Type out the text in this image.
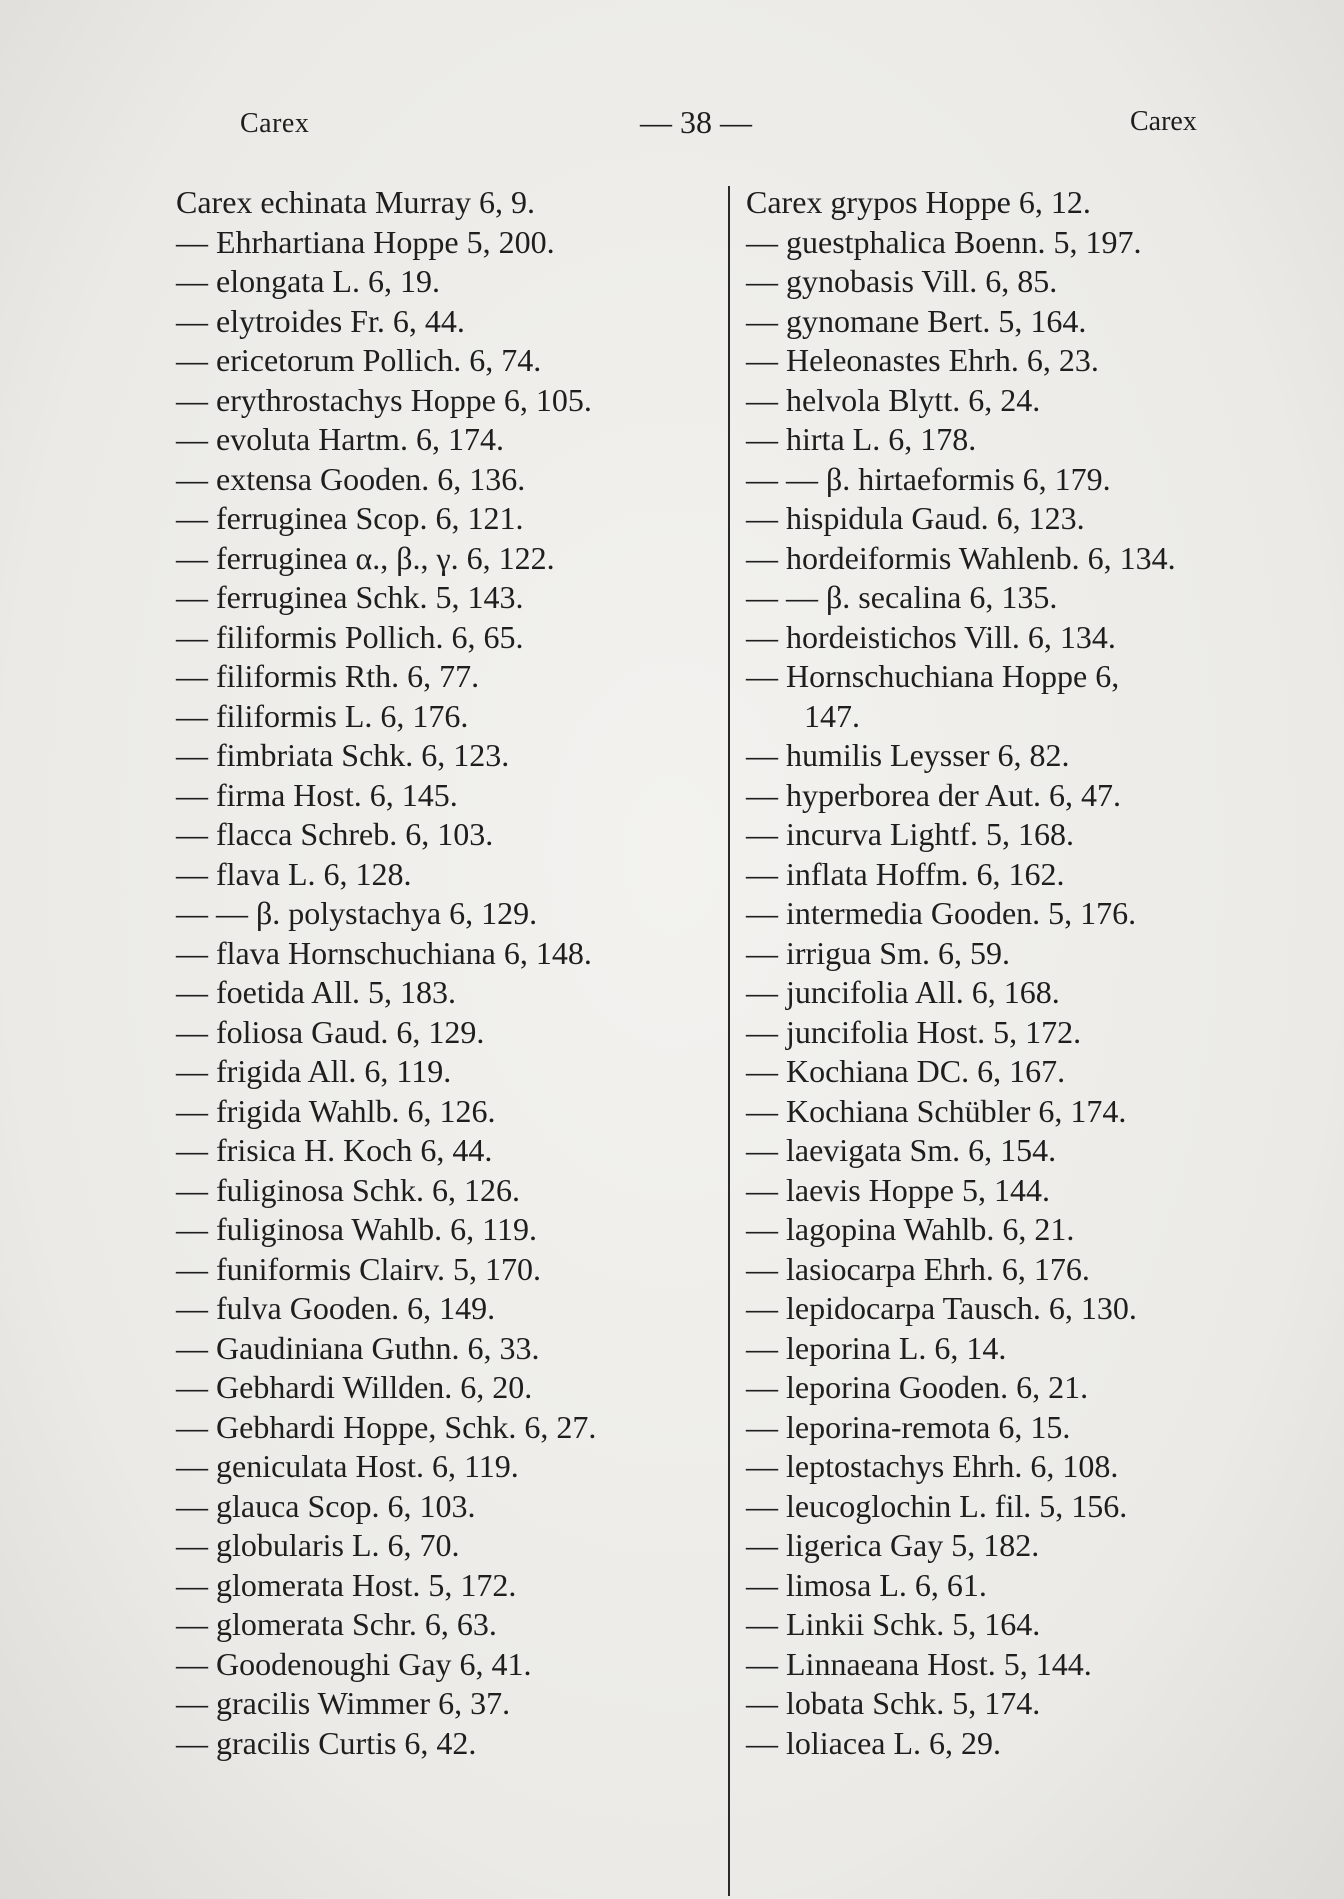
Carex	— 38 —	Carex
Carex echinata Murray 6, 9.
— Ehrhartiana Hoppe 5, 200.
— elongata L. 6, 19.
— elytroides Fr. 6, 44.
— ericetorum Pollich. 6, 74.
— erythrostachys Hoppe 6, 105.
— evoluta Hartm. 6, 174.
— extensa Gooden. 6, 136.
— ferruginea Scop. 6, 121.
— ferruginea α., β., γ. 6, 122.
— ferruginea Schk. 5, 143.
— filiformis Pollich. 6, 65.
— filiformis Rth. 6, 77.
— filiformis L. 6, 176.
— fimbriata Schk. 6, 123.
— firma Host. 6, 145.
— flacca Schreb. 6, 103.
— flava L. 6, 128.
— — β. polystachya 6, 129.
— flava Hornschuchiana 6, 148.
— foetida All. 5, 183.
— foliosa Gaud. 6, 129.
— frigida All. 6, 119.
— frigida Wahlb. 6, 126.
— frisica H. Koch 6, 44.
— fuliginosa Schk. 6, 126.
— fuliginosa Wahlb. 6, 119.
— funiformis Clairv. 5, 170.
— fulva Gooden. 6, 149.
— Gaudiniana Guthn. 6, 33.
— Gebhardi Willden. 6, 20.
— Gebhardi Hoppe, Schk. 6, 27.
— geniculata Host. 6, 119.
— glauca Scop. 6, 103.
— globularis L. 6, 70.
— glomerata Host. 5, 172.
— glomerata Schr. 6, 63.
— Goodenoughi Gay 6, 41.
— gracilis Wimmer 6, 37.
— gracilis Curtis 6, 42.
Carex grypos Hoppe 6, 12.
— guestphalica Boenn. 5, 197.
— gynobasis Vill. 6, 85.
— gynomane Bert. 5, 164.
— Heleonastes Ehrh. 6, 23.
— helvola Blytt. 6, 24.
— hirta L. 6, 178.
— — β. hirtaeformis 6, 179.
— hispidula Gaud. 6, 123.
— hordeiformis Wahlenb. 6, 134.
— — β. secalina 6, 135.
— hordeistichos Vill. 6, 134.
— Hornschuchiana Hoppe 6,
147.
— humilis Leysser 6, 82.
— hyperborea der Aut. 6, 47.
— incurva Lightf. 5, 168.
— inflata Hoffm. 6, 162.
— intermedia Gooden. 5, 176.
— irrigua Sm. 6, 59.
— juncifolia All. 6, 168.
— juncifolia Host. 5, 172.
— Kochiana DC. 6, 167.
— Kochiana Schübler 6, 174.
— laevigata Sm. 6, 154.
— laevis Hoppe 5, 144.
— lagopina Wahlb. 6, 21.
— lasiocarpa Ehrh. 6, 176.
— lepidocarpa Tausch. 6, 130.
— leporina L. 6, 14.
— leporina Gooden. 6, 21.
— leporina-remota 6, 15.
— leptostachys Ehrh. 6, 108.
— leucoglochin L. fil. 5, 156.
— ligerica Gay 5, 182.
— limosa L. 6, 61.
— Linkii Schk. 5, 164.
— Linnaeana Host. 5, 144.
— lobata Schk. 5, 174.
— loliacea L. 6, 29.
